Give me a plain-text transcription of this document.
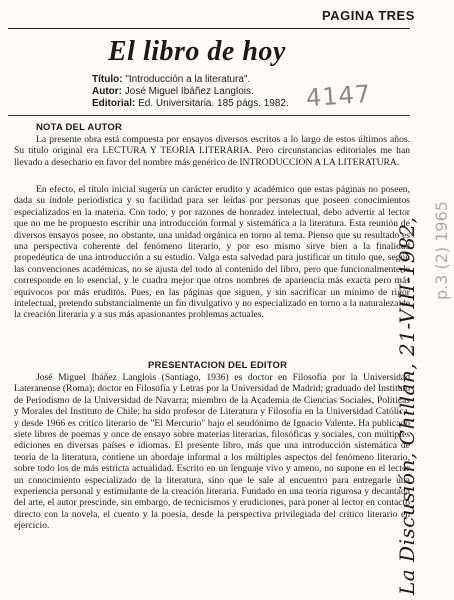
PAGINA TRES
El libro de hoy
Título: "Introducción a la literatura".
Autor: José Miguel Ibáñez Langlois.
Editorial: Ed. Universitaria. 185 págs. 1982. 4147
NOTA DEL AUTOR

La presente obra está compuesta por ensayos diversos escritos a lo largo de estos últimos años. Su título original era LECTURA Y TEORIA LITERARIA. Pero circunstancias editoriales me han llevado a desechario en favor del nombre más genérico de INTRODUCCION A LA LITERATURA.

En efecto, el título inicial sugería un carácter erudito y académico que estas páginas no poseen, dada su índole periodística y su facilidad para ser leídas por personas que poseen conocimientos especializados en la materia. Con todo, y por razones de honradez intelectual, debo advertir al lector que no me he propuesto escribir una introducción formal y sistemática a la literatura. Esta reunión de diversos ensayos posee, no obstante, una unidad orgánica en torno al tema. Pienso que su resultado es una perspectiva coherente del fenómeno literario, y por eso mismo sirve bien a la finalidad propedéutica de una introducción a su estudio. Valga esta salvedad para justificar un título que, según las convenciones académicas, no se ajusta del todo al contenido del libro, pero que funcionalmente le corresponde en lo esencial, y le cuadra mejor que otros nombres de apariencia más exacta pero más equívocos por más eruditos. Pues, en las páginas que siguen, y sin sacrificar un mínimo de rigor intelectual, pretendo substancialmente un fin divulgativo y no especializado en torno a la naturaleza de la creación literaria y a sus más apasionantes problemas actuales.

PRESENTACION DEL EDITOR

José Miguel Ibáñez Langlois (Santiago, 1936) es doctor en Filosofía por la Universidad Lateranense (Roma); doctor en Filosofía y Letras por la Universidad de Madrid; graduado del Instituto de Periodismo de la Universidad de Navarra; miembro de la Academia de Ciencias Sociales, Políticas y Morales del Instituto de Chile; ha sido profesor de Literatura y Filosofía en la Universidad Católica, y desde 1966 es crítico literario de "El Mercurio" bajo el seudónimo de Ignacio Valente. Ha publicado siete libros de poemas y once de ensayo sobre materias literarias, filosóficas y sociales, con múltiples ediciones en diversas países e idiomas. El presente libro, más que una introducción sistemática de teoría de la literatura, contiene un abordaje informal a los múltiples aspectos del fenómeno literario, sobre todo los de más estricta actualidad. Escrito en un lenguaje vivo y ameno, no supone en el lector un conocimiento especializado de la literatura, sino que le sale al encuentro para entregarle una experiencia personal y estimulante de la creación literaria. Fundado en una teoría rigurosa y decantada del arte, el autor prescinde, sin embargo, de tecnicismos y erudiciones, para poner al lector en contacto directo con la novela, el cuento y la poesía, desde la perspectiva privilegiada del crítico literario en ejercicio.	La Discusión, Chillán, 21-VIII-1982, p.3 (2) 1965
